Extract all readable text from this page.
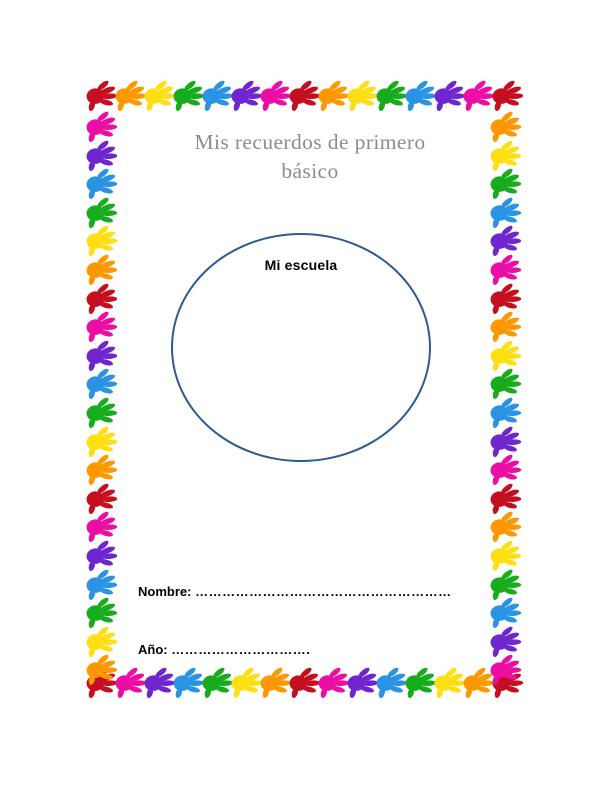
Mis recuerdos de primero
básico
Mi escuela
Nombre: …………………………………………………
Año: ………………………….
